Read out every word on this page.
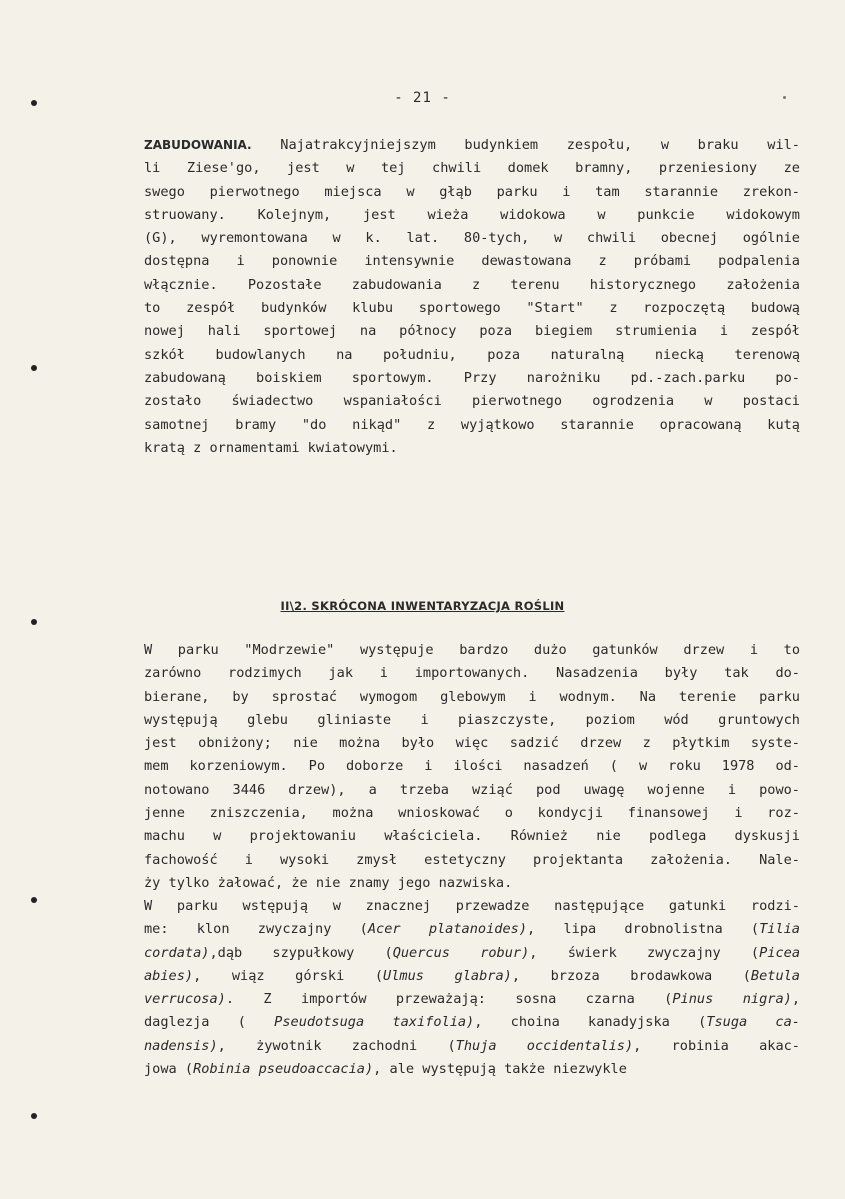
- 21 -
ZABUDOWANIA. Najatrakcyjniejszym budynkiem zespołu, w braku wil-
li Ziese'go, jest w tej chwili domek bramny, przeniesiony ze
swego pierwotnego miejsca w głąb parku i tam starannie zrekon-
struowany. Kolejnym, jest wieża widokowa w punkcie widokowym
(G), wyremontowana w k. lat. 80-tych, w chwili obecnej ogólnie
dostępna i ponownie intensywnie dewastowana z próbami podpalenia
włącznie. Pozostałe zabudowania z terenu historycznego założenia
to zespół budynków klubu sportowego "Start" z rozpoczętą budową
nowej hali sportowej na północy poza biegiem strumienia i zespół
szkół budowlanych na południu, poza naturalną niecką terenową
zabudowaną boiskiem sportowym. Przy narożniku pd.-zach.parku po-
zostało świadectwo wspaniałości pierwotnego ogrodzenia w postaci
samotnej bramy "do nikąd" z wyjątkowo starannie opracowaną kutą
kratą z ornamentami kwiatowymi.
II\2. SKRÓCONA INWENTARYZACJA ROŚLIN
W parku "Modrzewie" występuje bardzo dużo gatunków drzew i to
zarówno rodzimych jak i importowanych. Nasadzenia były tak do-
bierane, by sprostać wymogom glebowym i wodnym. Na terenie parku
występują glebu gliniaste i piaszczyste, poziom wód gruntowych
jest obniżony; nie można było więc sadzić drzew z płytkim syste-
mem korzeniowym. Po doborze i ilości nasadzeń ( w roku 1978 od-
notowano 3446 drzew), a trzeba wziąć pod uwagę wojenne i powo-
jenne zniszczenia, można wnioskować o kondycji finansowej i roz-
machu w projektowaniu właściciela. Również nie podlega dyskusji
fachowość i wysoki zmysł estetyczny projektanta założenia. Nale-
ży tylko żałować, że nie znamy jego nazwiska.
W parku wstępują w znacznej przewadze następujące gatunki rodzi-
me: klon zwyczajny (Acer platanoides), lipa drobnolistna (Tilia
cordata),dąb szypułkowy (Quercus robur), świerk zwyczajny (Picea
abies), wiąz górski (Ulmus glabra), brzoza brodawkowa (Betula
verrucosa). Z importów przeważają: sosna czarna (Pinus nigra),
daglezja ( Pseudotsuga taxifolia), choina kanadyjska (Tsuga ca-
nadensis), żywotnik zachodni (Thuja occidentalis), robinia akac-
jowa (Robinia pseudoaccacia), ale występują także niezwykle
